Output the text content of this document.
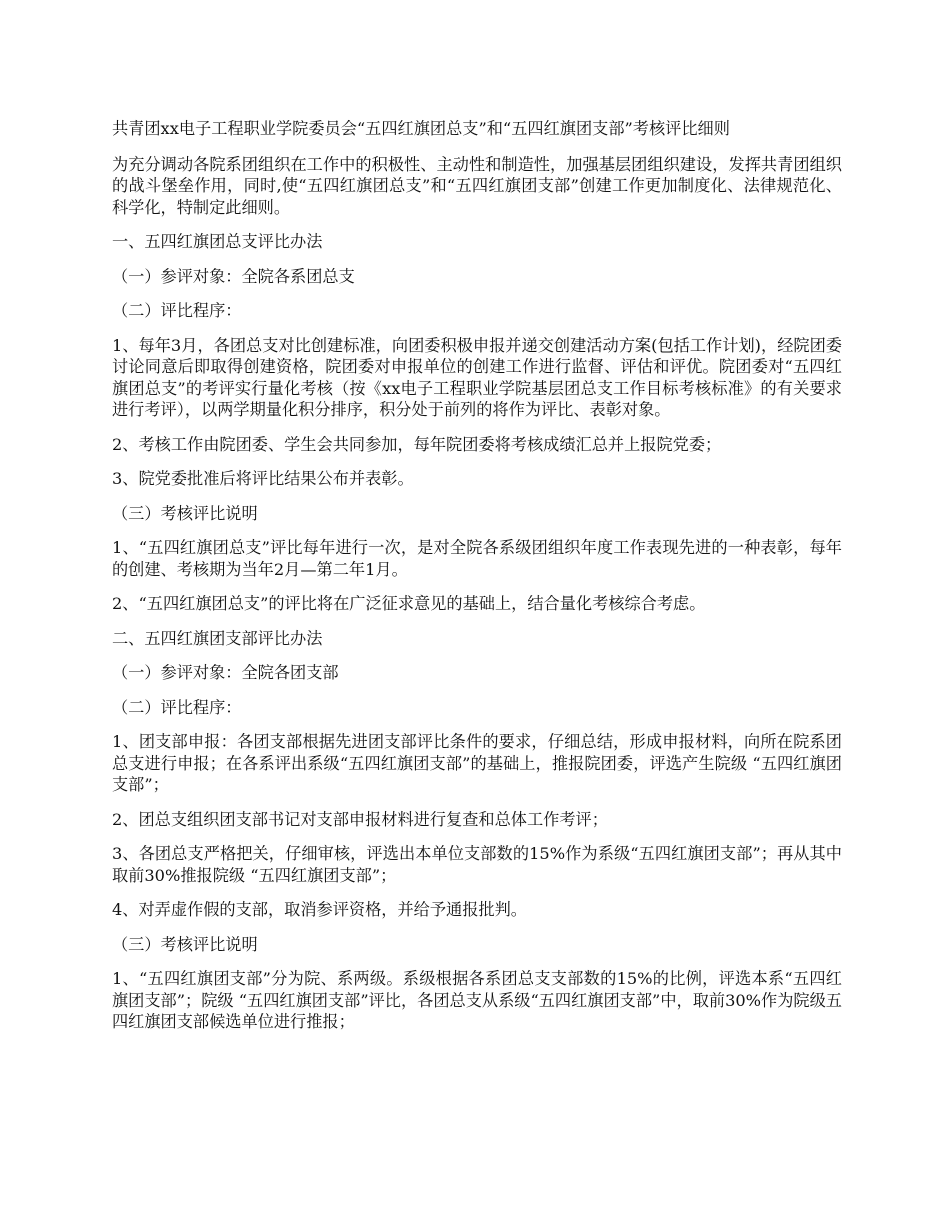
共青团xx电子工程职业学院委员会“五四红旗团总支”和“五四红旗团支部”考核评比细则

为充分调动各院系团组织在工作中的积极性、主动性和制造性，加强基层团组织建设，发挥共青团组织的战斗堡垒作用，同时,使“五四红旗团总支”和“五四红旗团支部”创建工作更加制度化、法律规范化、科学化，特制定此细则。

一、五四红旗团总支评比办法

（一）参评对象：全院各系团总支

（二）评比程序：

1、每年3月，各团总支对比创建标准，向团委积极申报并递交创建活动方案(包括工作计划)，经院团委讨论同意后即取得创建资格，院团委对申报单位的创建工作进行监督、评估和评优。院团委对“五四红旗团总支”的考评实行量化考核（按《xx电子工程职业学院基层团总支工作目标考核标准》的有关要求进行考评），以两学期量化积分排序，积分处于前列的将作为评比、表彰对象。

2、考核工作由院团委、学生会共同参加，每年院团委将考核成绩汇总并上报院党委；

3、院党委批准后将评比结果公布并表彰。

（三）考核评比说明

1、“五四红旗团总支”评比每年进行一次，是对全院各系级团组织年度工作表现先进的一种表彰，每年的创建、考核期为当年2月—第二年1月。

2、“五四红旗团总支”的评比将在广泛征求意见的基础上，结合量化考核综合考虑。

二、五四红旗团支部评比办法

（一）参评对象：全院各团支部

（二）评比程序：

1、团支部申报：各团支部根据先进团支部评比条件的要求，仔细总结，形成申报材料，向所在院系团总支进行申报；在各系评出系级“五四红旗团支部”的基础上，推报院团委，评选产生院级 “五四红旗团支部”；

2、团总支组织团支部书记对支部申报材料进行复查和总体工作考评；

3、各团总支严格把关，仔细审核，评选出本单位支部数的15%作为系级“五四红旗团支部”；再从其中取前30%推报院级 “五四红旗团支部”；

4、对弄虚作假的支部，取消参评资格，并给予通报批判。

（三）考核评比说明

1、“五四红旗团支部”分为院、系两级。系级根据各系团总支支部数的15%的比例，评选本系“五四红旗团支部”；院级 “五四红旗团支部”评比，各团总支从系级“五四红旗团支部”中，取前30%作为院级五四红旗团支部候选单位进行推报；
